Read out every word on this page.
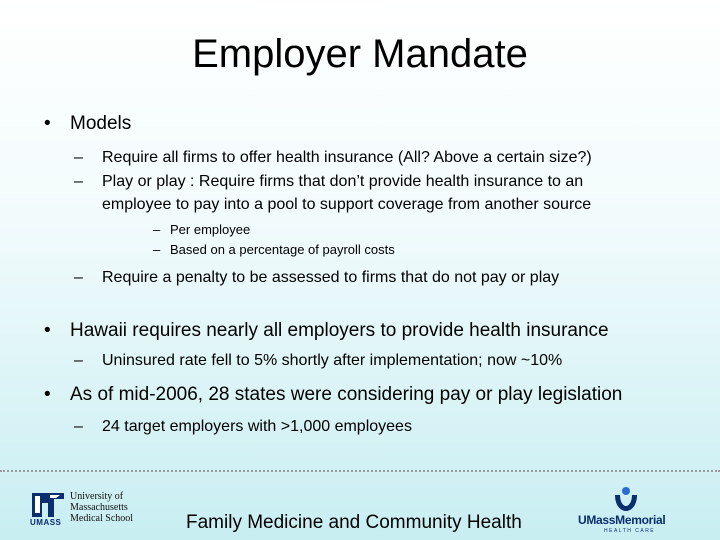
Employer Mandate
• Models
– Require all firms to offer health insurance (All? Above a certain size?)
– Play or play : Require firms that don’t provide health insurance to an
employee to pay into a pool to support coverage from another source
– Per employee
– Based on a percentage of payroll costs
– Require a penalty to be assessed to firms that do not pay or play
• Hawaii requires nearly all employers to provide health insurance
– Uninsured rate fell to 5% shortly after implementation; now ~10%
• As of mid-2006, 28 states were considering pay or play legislation
– 24 target employers with >1,000 employees
UMASS
University of
Massachusetts
Medical School	Family Medicine and Community Health	UMassMemorial
HEALTH CARE
